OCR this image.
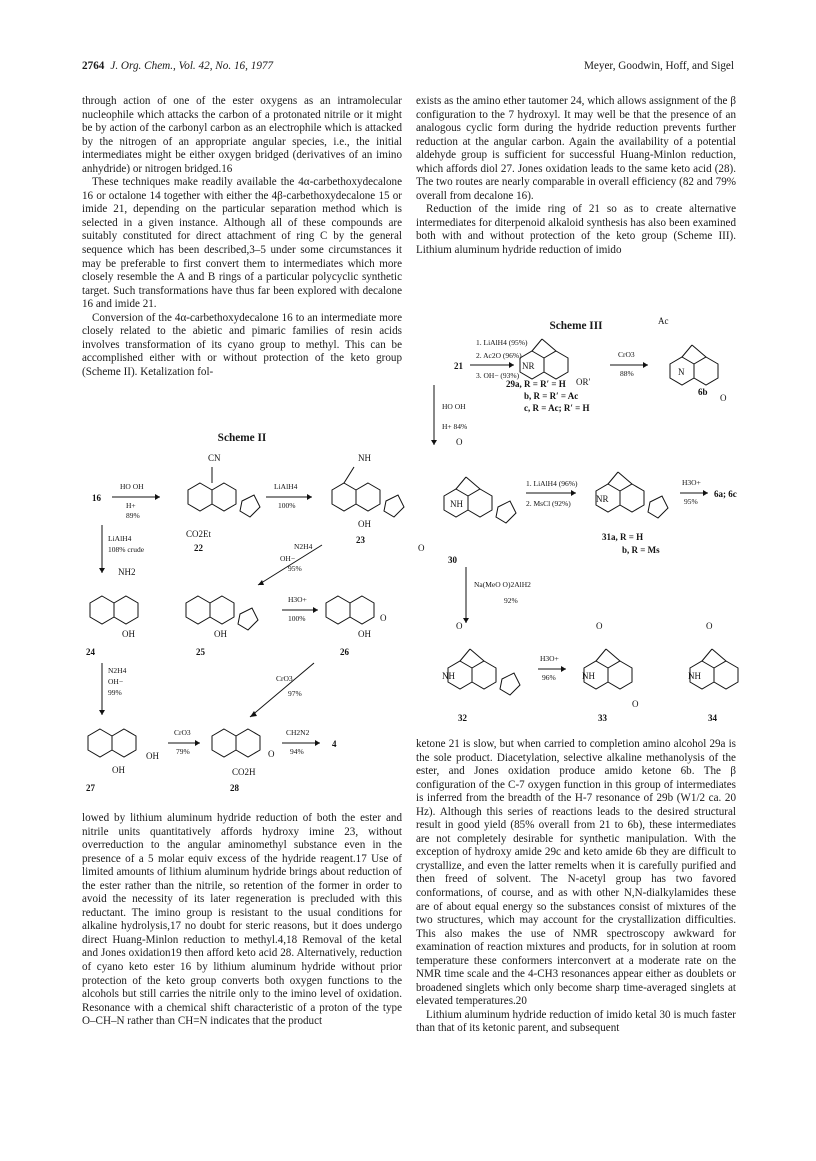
2764 J. Org. Chem., Vol. 42, No. 16, 1977	Meyer, Goodwin, Hoff, and Sigel

through action of one of the ester oxygens as an intramolecular nucleophile which attacks the carbon of a protonated nitrile or it might be by action of the carbonyl carbon as an electrophile which is attacked by the nitrogen of an appropriate angular species, i.e., the initial intermediates might be either oxygen bridged (derivatives of an imino anhydride) or nitrogen bridged.16

These techniques make readily available the 4α-carbethoxydecalone 16 or octalone 14 together with either the 4β-carbethoxydecalone 15 or imide 21, depending on the particular separation method which is selected in a given instance. Although all of these compounds are suitably constituted for direct attachment of ring C by the general sequence which has been described,3–5 under some circumstances it may be preferable to first convert them to intermediates which more closely resemble the A and B rings of a particular polycyclic synthetic target. Such transformations have thus far been explored with decalone 16 and imide 21.

Conversion of the 4α-carbethoxydecalone 16 to an intermediate more closely related to the abietic and pimaric families of resin acids involves transformation of its cyano group to methyl. This can be accomplished either with or without protection of the keto group (Scheme II). Ketalization fol-

Scheme II
16
HO OH
H+
89%
CN
CO2Et
22
LiAlH4
100%
NH
OH
23
N2H4
OH−
95%
LiAlH4
108% crude
NH2
OH
24
OH
25
H3O+
100%	O
OH
26
CrO3
97%
N2H4
OH−
99%
OH
OH
27
CrO3
79%	O
CO2H
28
CH2N2
94%
4

lowed by lithium aluminum hydride reduction of both the ester and nitrile units quantitatively affords hydroxy imine 23, without overreduction to the angular aminomethyl substance even in the presence of a 5 molar equiv excess of the hydride reagent.17 Use of limited amounts of lithium aluminum hydride brings about reduction of the ester rather than the nitrile, so retention of the former in order to avoid the necessity of its later regeneration is precluded with this reductant. The imino group is resistant to the usual conditions for alkaline hydrolysis,17 no doubt for steric reasons, but it does undergo direct Huang-Minlon reduction to methyl.4,18 Removal of the ketal and Jones oxidation19 then afford keto acid 28. Alternatively, reduction of cyano keto ester 16 by lithium aluminum hydride without prior protection of the keto group converts both oxygen functions to the alcohols but still carries the nitrile only to the imino level of oxidation. Resonance with a chemical shift characteristic of a proton of the type O–CH–N rather than CH=N indicates that the product

exists as the amino ether tautomer 24, which allows assignment of the β configuration to the 7 hydroxyl. It may well be that the presence of an analogous cyclic form during the hydride reduction prevents further reduction at the angular carbon. Again the availability of a potential aldehyde group is sufficient for successful Huang-Minlon reduction, which affords diol 27. Jones oxidation leads to the same keto acid (28). The two routes are nearly comparable in overall efficiency (82 and 79% overall from decalone 16).

Reduction of the imide ring of 21 so as to create alternative intermediates for diterpenoid alkaloid synthesis has also been examined both with and without protection of the keto group (Scheme III). Lithium aluminum hydride reduction of imido

Scheme III
21
1. LiAlH4 (95%)
2. Ac2O (96%)
3. OH− (93%)
NR
OR′
CrO3
88%	N
Ac
O
6b
29a, R = R′ = H
b, R = R′ = Ac
c, R = Ac; R′ = H
HO OH
H+ 84%
NH
O
O
30
1. LiAlH4 (96%)
2. MsCl (92%)	NR
31a, R = H
b, R = Ms
H3O+
95%
6a; 6c
Na(MeO O)2AlH2
92%
NH
O
32
H3O+
96%	NH
O
O
33
NH
O
34

ketone 21 is slow, but when carried to completion amino alcohol 29a is the sole product. Diacetylation, selective alkaline methanolysis of the ester, and Jones oxidation produce amido ketone 6b. The β configuration of the C-7 oxygen function in this group of intermediates is inferred from the breadth of the H-7 resonance of 29b (W1/2 ca. 20 Hz). Although this series of reactions leads to the desired structural result in good yield (85% overall from 21 to 6b), these intermediates are not completely desirable for synthetic manipulation. With the exception of hydroxy amide 29c and keto amide 6b they are difficult to crystallize, and even the latter remelts when it is carefully purified and then freed of solvent. The N-acetyl group has two favored conformations, of course, and as with other N,N-dialkylamides these are of about equal energy so the substances consist of mixtures of the two structures, which may account for the crystallization difficulties. This also makes the use of NMR spectroscopy awkward for examination of reaction mixtures and products, for in solution at room temperature these conformers interconvert at a moderate rate on the NMR time scale and the 4-CH3 resonances appear either as doublets or broadened singlets which only become sharp time-averaged singlets at elevated temperatures.20

Lithium aluminum hydride reduction of imido ketal 30 is much faster than that of its ketonic parent, and subsequent
